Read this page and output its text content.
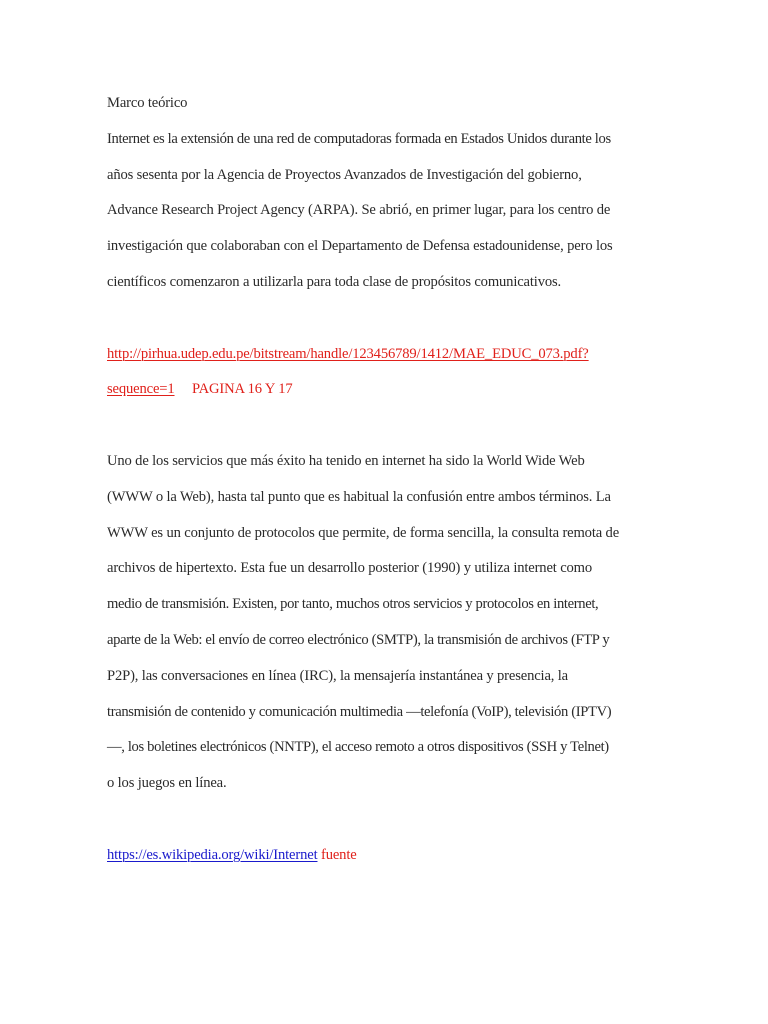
Marco teórico
Internet es la extensión de una red de computadoras formada en Estados Unidos durante los
años sesenta por la Agencia de Proyectos Avanzados de Investigación del gobierno,
Advance Research Project Agency (ARPA). Se abrió, en primer lugar, para los centro de
investigación que colaboraban con el Departamento de Defensa estadounidense, pero los
científicos comenzaron a utilizarla para toda clase de propósitos comunicativos.
http://pirhua.udep.edu.pe/bitstream/handle/123456789/1412/MAE_EDUC_073.pdf?
sequence=1 PAGINA 16 Y 17
Uno de los servicios que más éxito ha tenido en internet ha sido la World Wide Web
(WWW o la Web), hasta tal punto que es habitual la confusión entre ambos términos. La
WWW es un conjunto de protocolos que permite, de forma sencilla, la consulta remota de
archivos de hipertexto. Esta fue un desarrollo posterior (1990) y utiliza internet como
medio de transmisión. Existen, por tanto, muchos otros servicios y protocolos en internet,
aparte de la Web: el envío de correo electrónico (SMTP), la transmisión de archivos (FTP y
P2P), las conversaciones en línea (IRC), la mensajería instantánea y presencia, la
transmisión de contenido y comunicación multimedia —telefonía (VoIP), televisión (IPTV)
—, los boletines electrónicos (NNTP), el acceso remoto a otros dispositivos (SSH y Telnet)
o los juegos en línea.
https://es.wikipedia.org/wiki/Internet fuente
